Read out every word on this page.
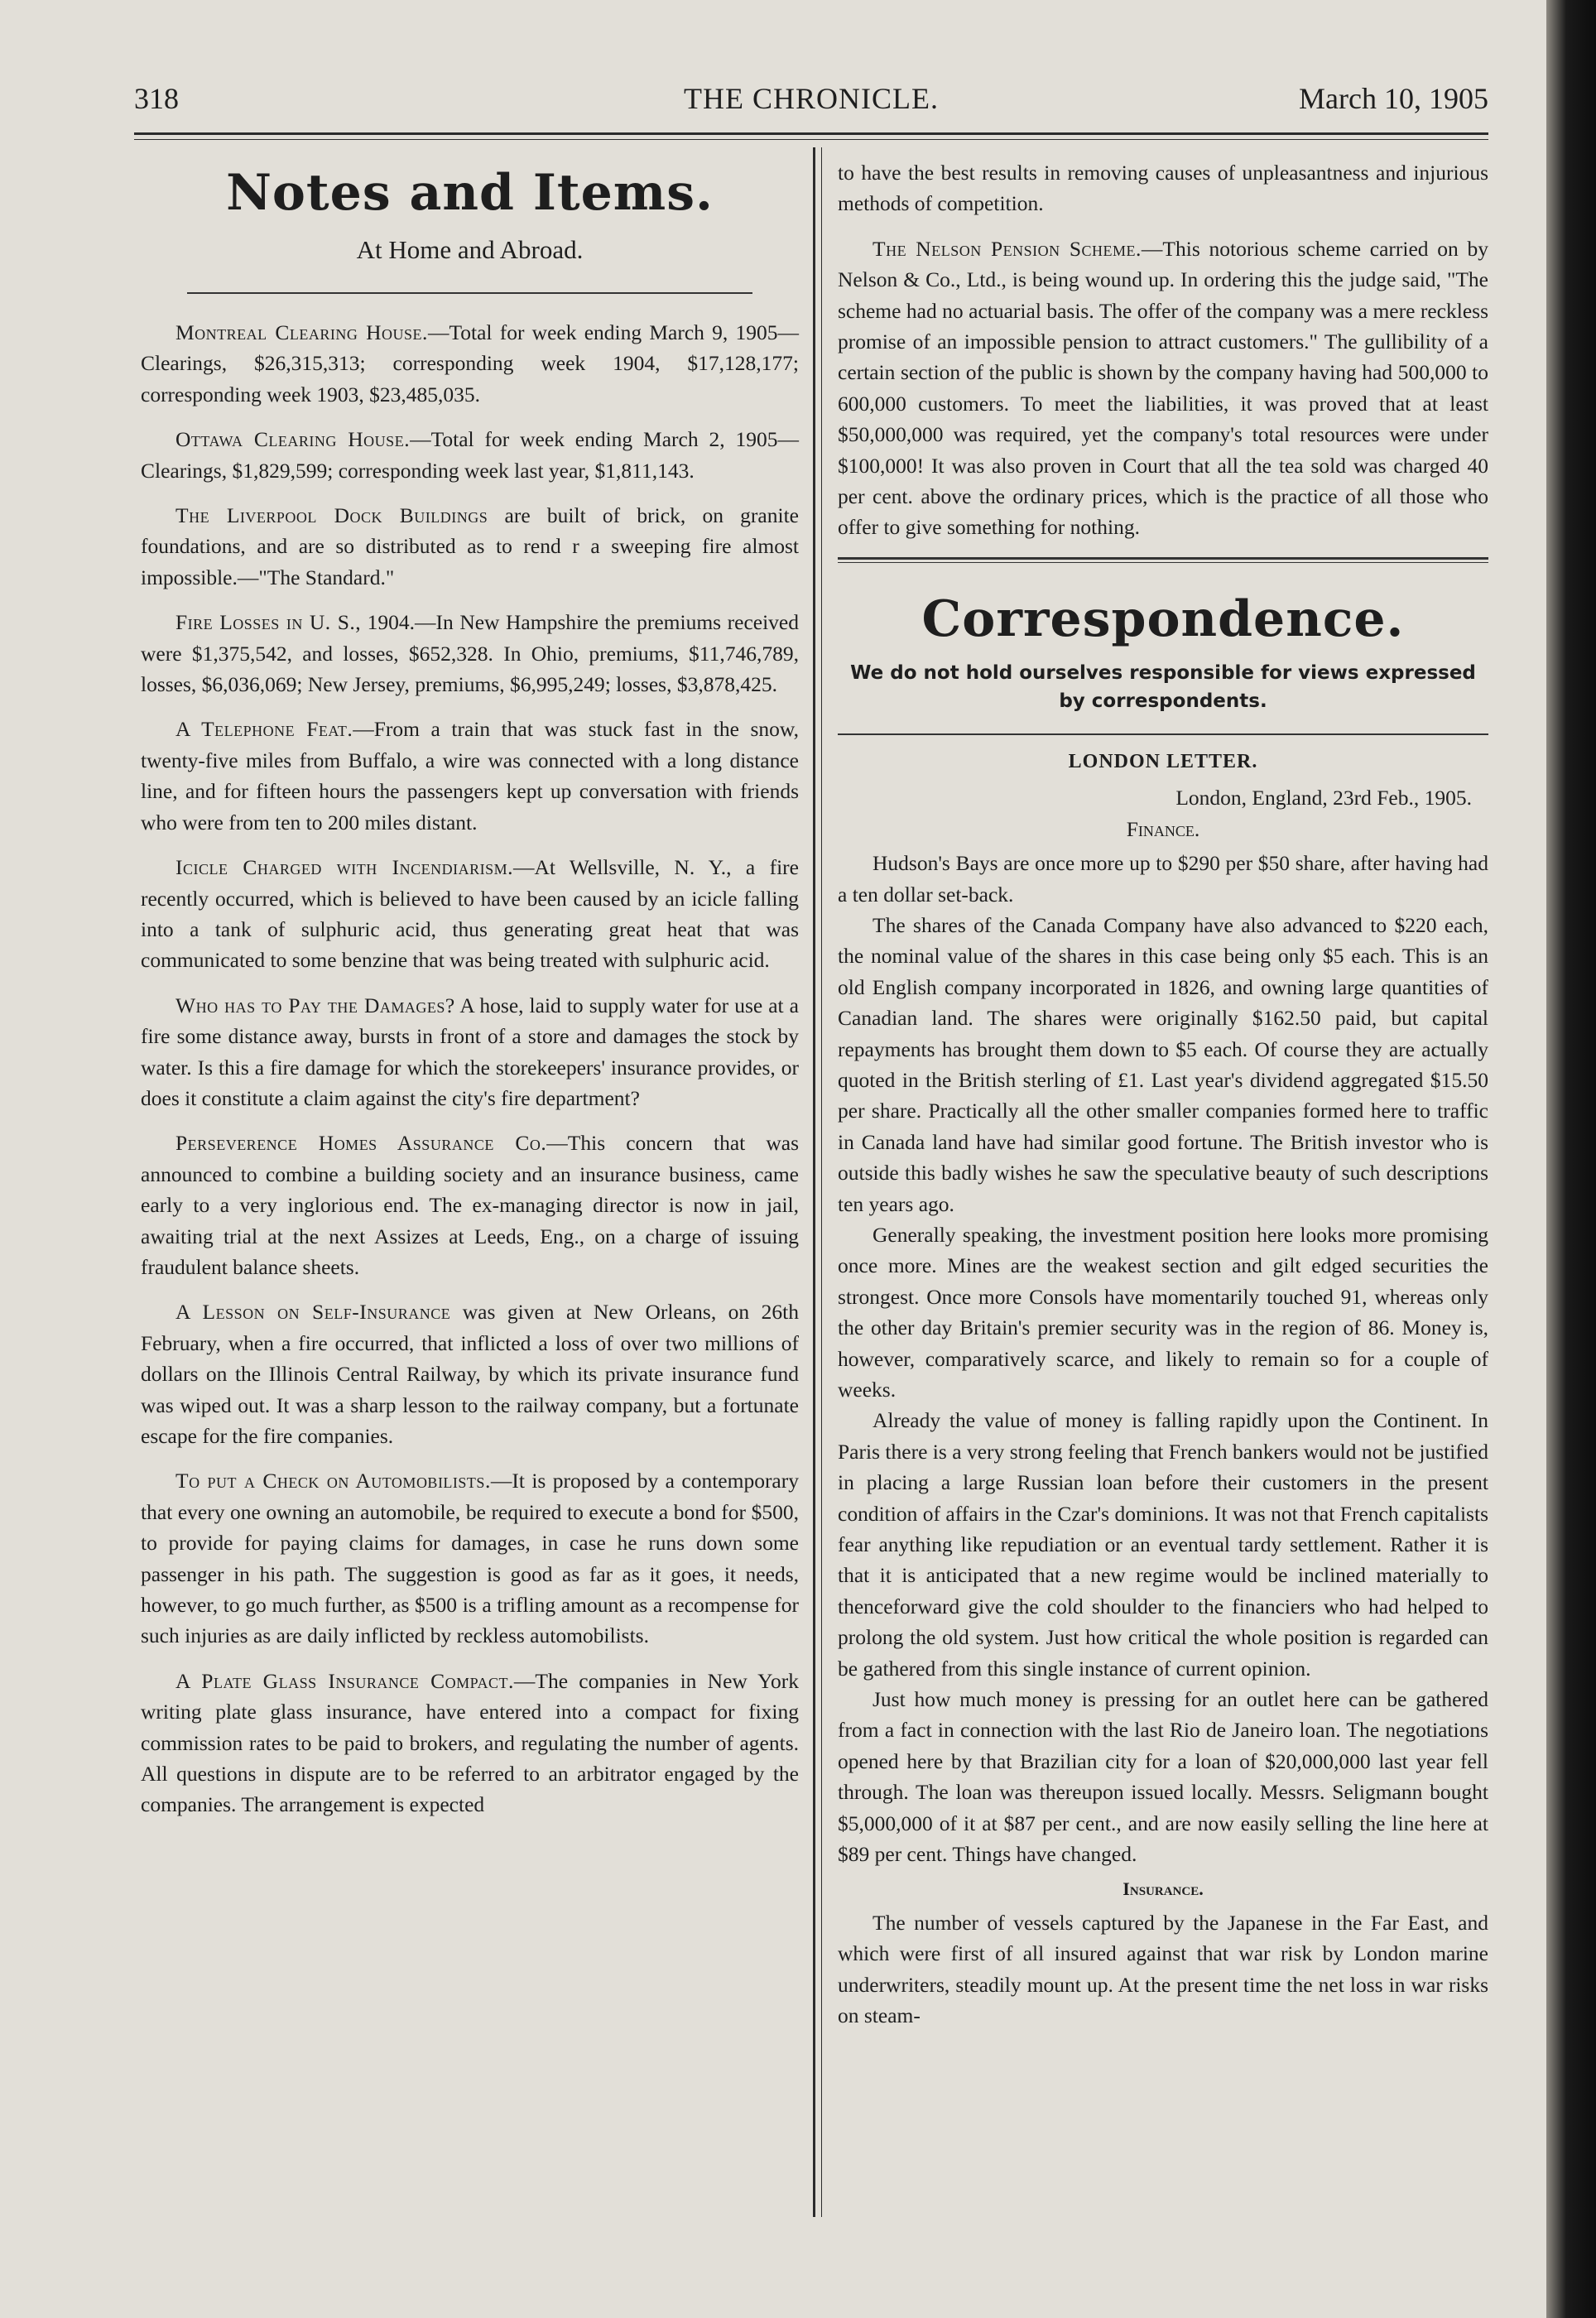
THE CHRONICLE.
318	March 10, 1905
Notes and Items.
At Home and Abroad.

Montreal Clearing House.—Total for week ending March 9, 1905—Clearings, $26,315,313; corresponding week 1904, $17,128,177; corresponding week 1903, $23,485,035.

Ottawa Clearing House.—Total for week ending March 2, 1905—Clearings, $1,829,599; corresponding week last year, $1,811,143.

The Liverpool Dock Buildings are built of brick, on granite foundations, and are so distributed as to rend r a sweeping fire almost impossible.—"The Standard."

Fire Losses in U. S., 1904.—In New Hampshire the premiums received were $1,375,542, and losses, $652,328. In Ohio, premiums, $11,746,789, losses, $6,036,069; New Jersey, premiums, $6,995,249; losses, $3,878,425.

A Telephone Feat.—From a train that was stuck fast in the snow, twenty-five miles from Buffalo, a wire was connected with a long distance line, and for fifteen hours the passengers kept up conversation with friends who were from ten to 200 miles distant.

Icicle Charged with Incendiarism.—At Wellsville, N. Y., a fire recently occurred, which is believed to have been caused by an icicle falling into a tank of sulphuric acid, thus generating great heat that was communicated to some benzine that was being treated with sulphuric acid.

Who has to Pay the Damages? A hose, laid to supply water for use at a fire some distance away, bursts in front of a store and damages the stock by water. Is this a fire damage for which the storekeepers' insurance provides, or does it constitute a claim against the city's fire department?

Perseverence Homes Assurance Co.—This concern that was announced to combine a building society and an insurance business, came early to a very inglorious end. The ex-managing director is now in jail, awaiting trial at the next Assizes at Leeds, Eng., on a charge of issuing fraudulent balance sheets.

A Lesson on Self-Insurance was given at New Orleans, on 26th February, when a fire occurred, that inflicted a loss of over two millions of dollars on the Illinois Central Railway, by which its private insurance fund was wiped out. It was a sharp lesson to the railway company, but a fortunate escape for the fire companies.

To put a Check on Automobilists.—It is proposed by a contemporary that every one owning an automobile, be required to execute a bond for $500, to provide for paying claims for damages, in case he runs down some passenger in his path. The suggestion is good as far as it goes, it needs, however, to go much further, as $500 is a trifling amount as a recompense for such injuries as are daily inflicted by reckless automobilists.

A Plate Glass Insurance Compact.—The companies in New York writing plate glass insurance, have entered into a compact for fixing commission rates to be paid to brokers, and regulating the number of agents. All questions in dispute are to be referred to an arbitrator engaged by the companies. The arrangement is expected

to have the best results in removing causes of unpleasantness and injurious methods of competition.

The Nelson Pension Scheme.—This notorious scheme carried on by Nelson & Co., Ltd., is being wound up. In ordering this the judge said, "The scheme had no actuarial basis. The offer of the company was a mere reckless promise of an impossible pension to attract customers." The gullibility of a certain section of the public is shown by the company having had 500,000 to 600,000 customers. To meet the liabilities, it was proved that at least $50,000,000 was required, yet the company's total resources were under $100,000! It was also proven in Court that all the tea sold was charged 40 per cent. above the ordinary prices, which is the practice of all those who offer to give something for nothing.

Correspondence.
We do not hold ourselves responsible for views expressed by correspondents.
LONDON LETTER.
London, England, 23rd Feb., 1905.
Finance.

Hudson's Bays are once more up to $290 per $50 share, after having had a ten dollar set-back.

The shares of the Canada Company have also advanced to $220 each, the nominal value of the shares in this case being only $5 each. This is an old English company incorporated in 1826, and owning large quantities of Canadian land. The shares were originally $162.50 paid, but capital repayments has brought them down to $5 each. Of course they are actually quoted in the British sterling of £1. Last year's dividend aggregated $15.50 per share. Practically all the other smaller companies formed here to traffic in Canada land have had similar good fortune. The British investor who is outside this badly wishes he saw the speculative beauty of such descriptions ten years ago.

Generally speaking, the investment position here looks more promising once more. Mines are the weakest section and gilt edged securities the strongest. Once more Consols have momentarily touched 91, whereas only the other day Britain's premier security was in the region of 86. Money is, however, comparatively scarce, and likely to remain so for a couple of weeks.

Already the value of money is falling rapidly upon the Continent. In Paris there is a very strong feeling that French bankers would not be justified in placing a large Russian loan before their customers in the present condition of affairs in the Czar's dominions. It was not that French capitalists fear anything like repudiation or an eventual tardy settlement. Rather it is that it is anticipated that a new regime would be inclined materially to thenceforward give the cold shoulder to the financiers who had helped to prolong the old system. Just how critical the whole position is regarded can be gathered from this single instance of current opinion.

Just how much money is pressing for an outlet here can be gathered from a fact in connection with the last Rio de Janeiro loan. The negotiations opened here by that Brazilian city for a loan of $20,000,000 last year fell through. The loan was thereupon issued locally. Messrs. Seligmann bought $5,000,000 of it at $87 per cent., and are now easily selling the line here at $89 per cent. Things have changed.

Insurance.

The number of vessels captured by the Japanese in the Far East, and which were first of all insured against that war risk by London marine underwriters, steadily mount up. At the present time the net loss in war risks on steam-
